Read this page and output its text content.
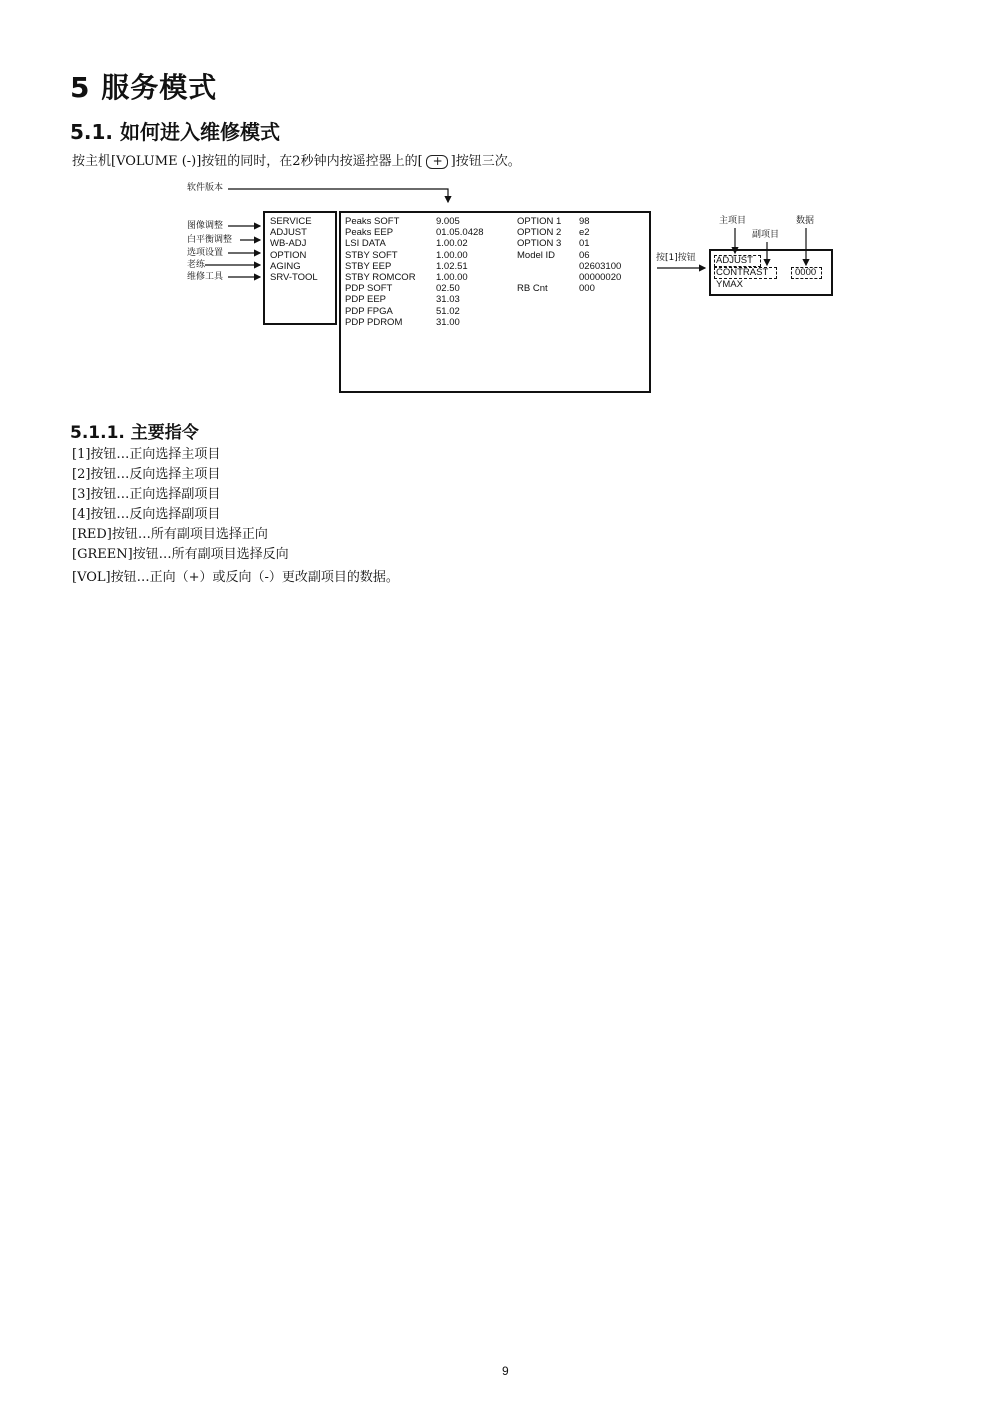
5 服务模式
5.1. 如何进入维修模式
按主机[VOLUME (-)]按钮的同时，在2秒钟内按遥控器上的[ + ]按钮三次。
软件版本
图像调整
白平衡调整
选项设置
老练
维修工具
SERVICE
ADJUST
WB-ADJ
OPTION
AGING
SRV-TOOL
Peaks SOFT
Peaks EEP
LSI DATA
STBY SOFT
STBY EEP
STBY ROMCOR
PDP SOFT
PDP EEP
PDP FPGA
PDP PDROM
9.005
01.05.0428
1.00.02
1.00.00
1.02.51
1.00.00
02.50
31.03
51.02
31.00
OPTION 1
OPTION 2
OPTION 3
Model ID
RB Cnt
98
e2
01
06
02603100
00000020
000
按[1]按钮
主项目
副项目
数据
ADJUST
CONTRAST	0000
YMAX
5.1.1. 主要指令
[1]按钮…正向选择主项目
[2]按钮…反向选择主项目
[3]按钮…正向选择副项目
[4]按钮…反向选择副项目
[RED]按钮…所有副项目选择正向
[GREEN]按钮…所有副项目选择反向
[VOL]按钮…正向（+）或反向（-）更改副项目的数据。
9
